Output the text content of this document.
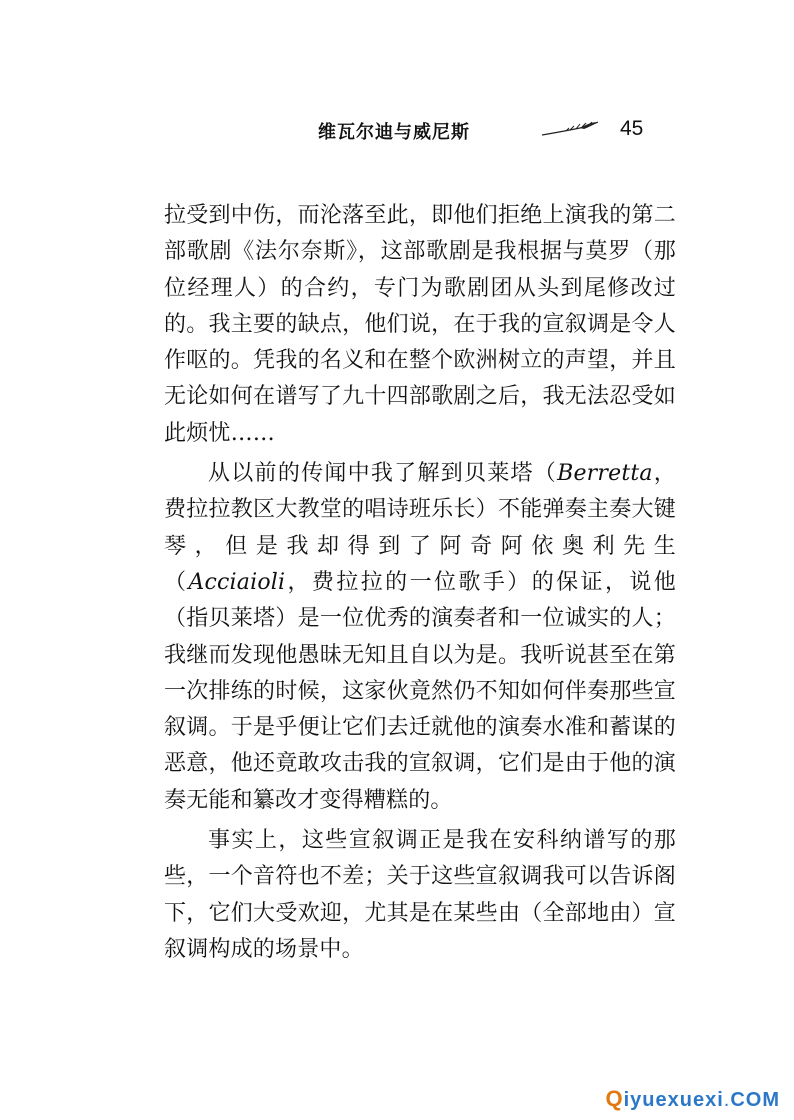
维瓦尔迪与威尼斯	45

拉受到中伤，而沦落至此，即他们拒绝上演我的第二部歌剧《法尔奈斯》，这部歌剧是我根据与莫罗（那位经理人）的合约，专门为歌剧团从头到尾修改过的。我主要的缺点，他们说，在于我的宣叙调是令人作呕的。凭我的名义和在整个欧洲树立的声望，并且无论如何在谱写了九十四部歌剧之后，我无法忍受如此烦忧……

从以前的传闻中我了解到贝莱塔（Berretta，费拉拉教区大教堂的唱诗班乐长）不能弹奏主奏大键琴，但是我却得到了阿奇阿依奥利先生（Acciaioli，费拉拉的一位歌手）的保证，说他（指贝莱塔）是一位优秀的演奏者和一位诚实的人；我继而发现他愚昧无知且自以为是。我听说甚至在第一次排练的时候，这家伙竟然仍不知如何伴奏那些宣叙调。于是乎便让它们去迁就他的演奏水准和蓄谋的恶意，他还竟敢攻击我的宣叙调，它们是由于他的演奏无能和纂改才变得糟糕的。

事实上，这些宣叙调正是我在安科纳谱写的那些，一个音符也不差；关于这些宣叙调我可以告诉阁下，它们大受欢迎，尤其是在某些由（全部地由）宣叙调构成的场景中。

Qiyuexuexi.COM
